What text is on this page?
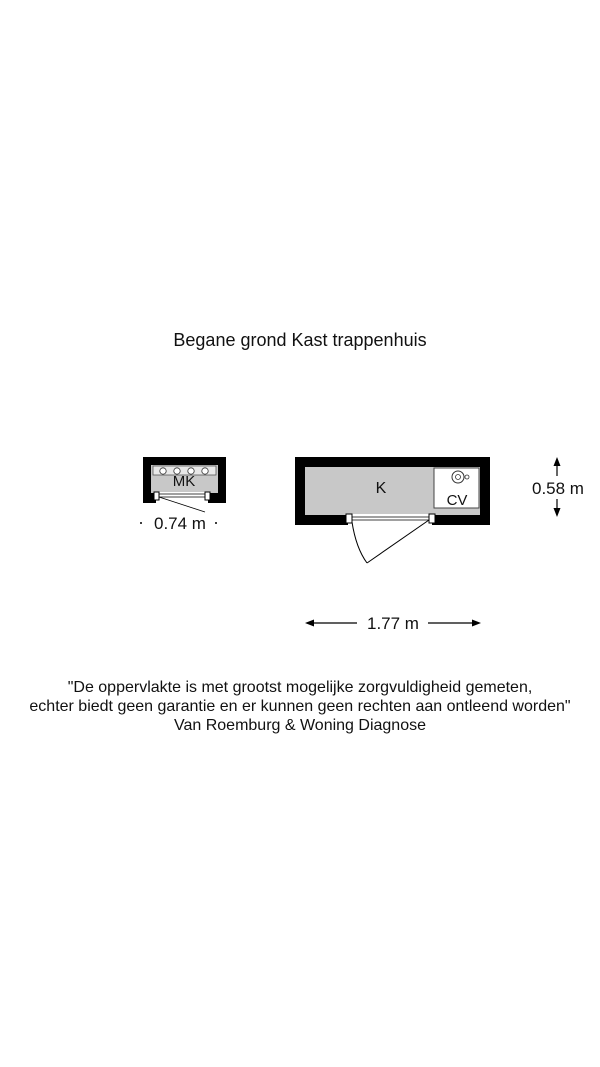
Begane grond Kast trappenhuis
MK
0.74 m
CV
K	0.58 m
1.77 m
"De oppervlakte is met grootst mogelijke zorgvuldigheid gemeten,
echter biedt geen garantie en er kunnen geen rechten aan ontleend worden"
Van Roemburg & Woning Diagnose
